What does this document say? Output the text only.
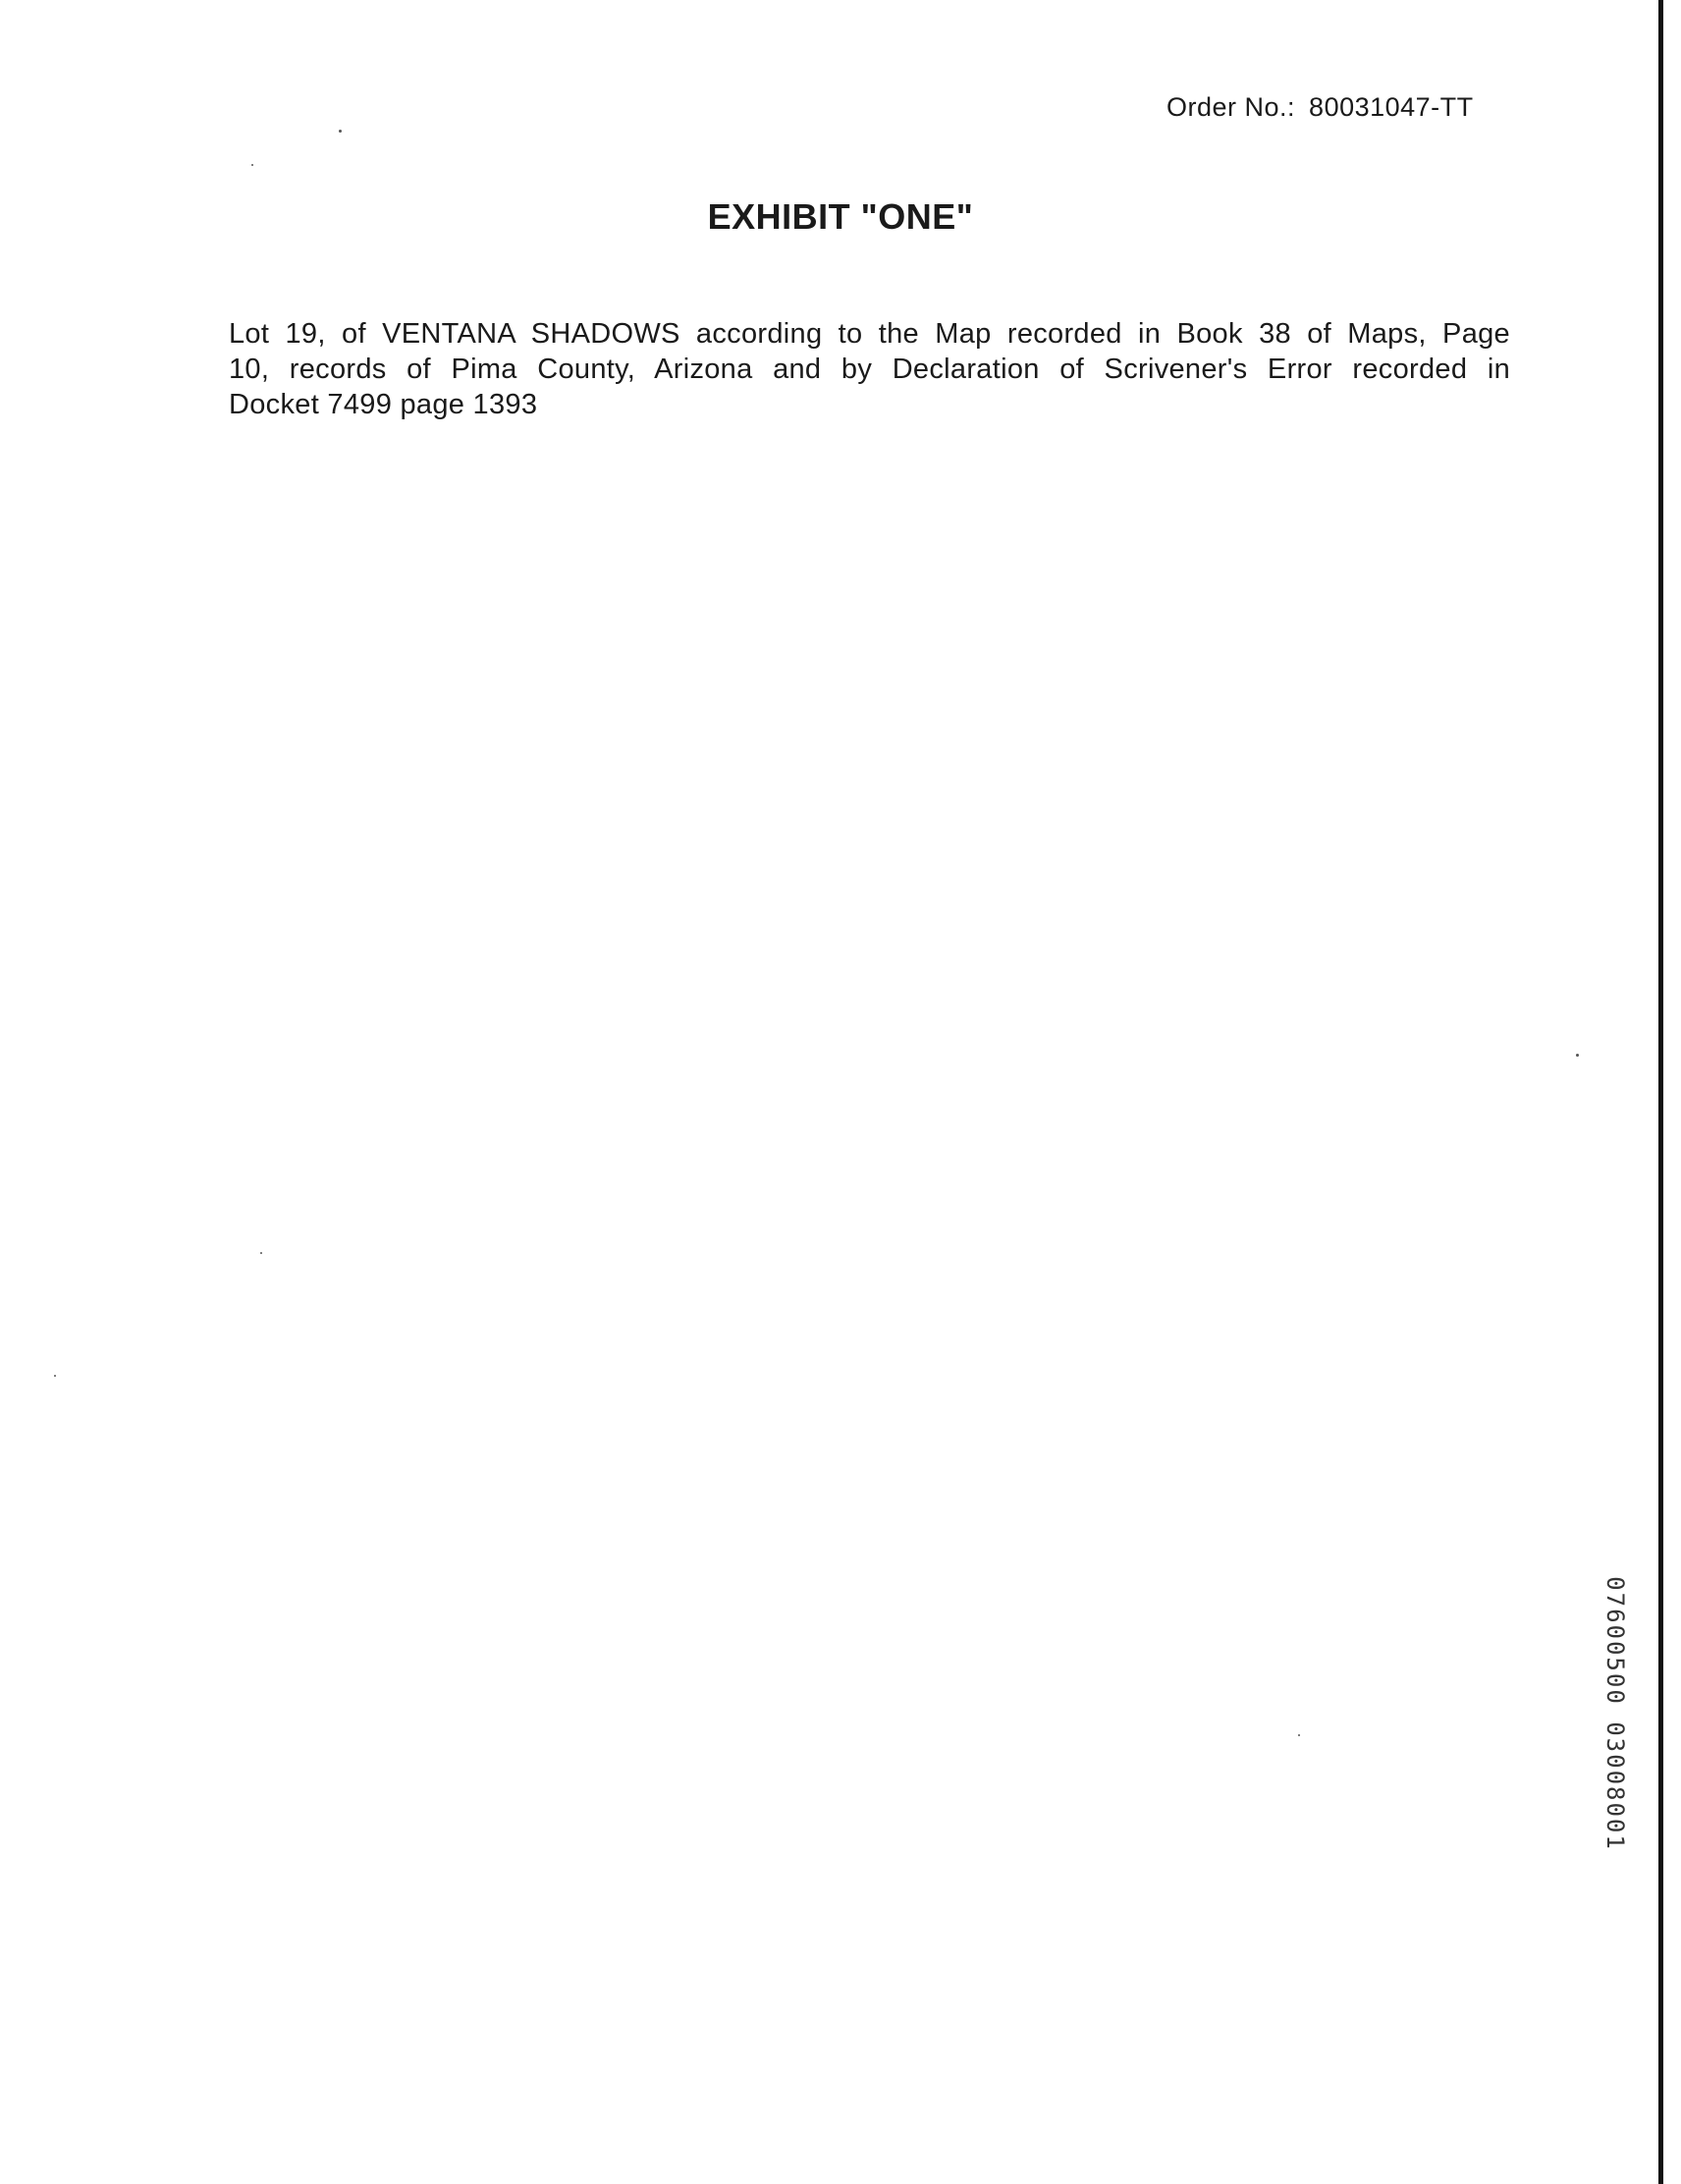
Order No.: 80031047-TT
EXHIBIT "ONE"
Lot 19, of VENTANA SHADOWS according to the Map recorded in Book 38 of Maps, Page
10, records of Pima County, Arizona and by Declaration of Scrivener's Error recorded in
Docket 7499 page 1393
07600500 03008001
